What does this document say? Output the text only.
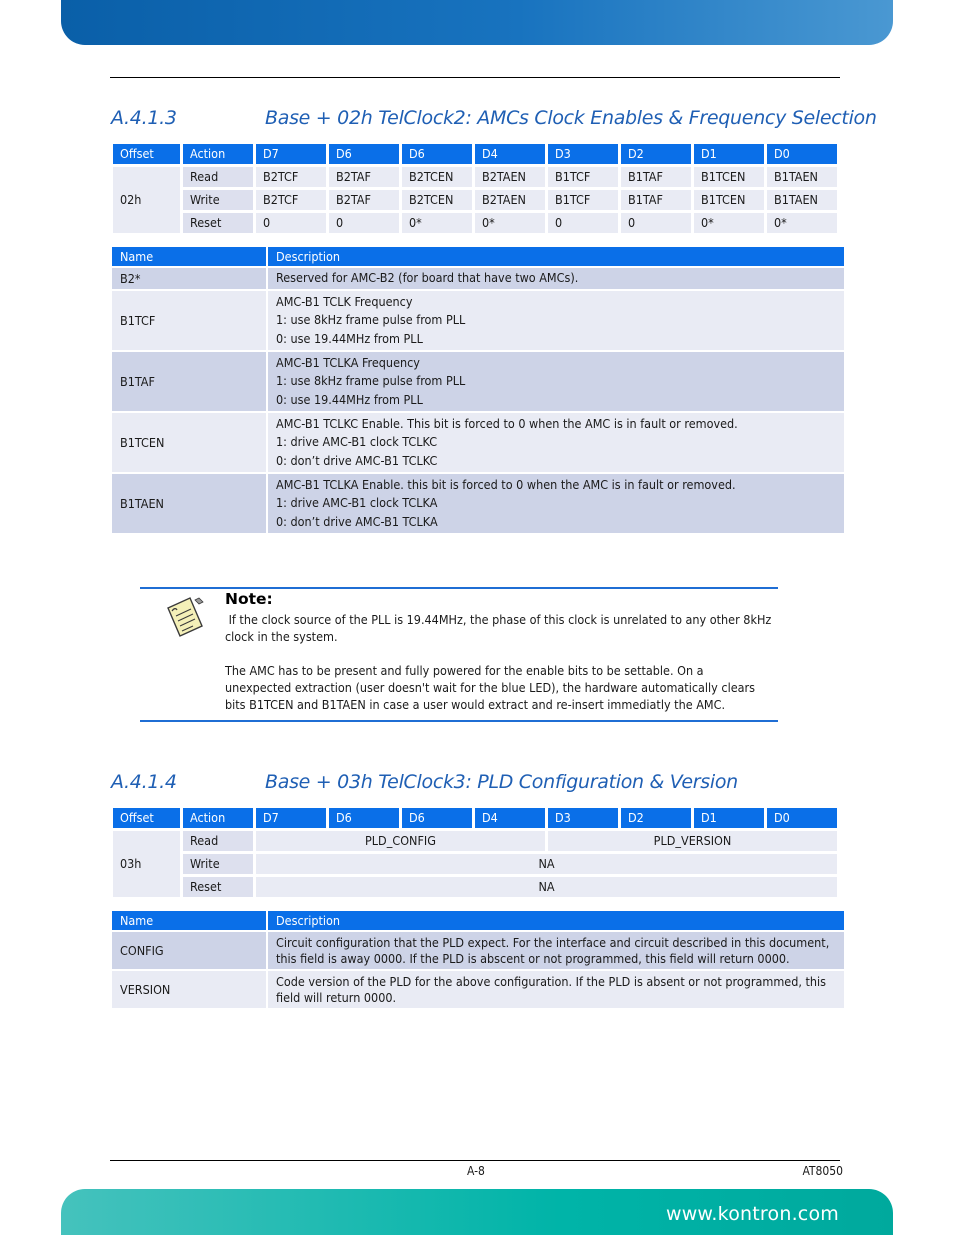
A.4.1.3	Base + 02h TelClock2: AMCs Clock Enables & Frequency Selection
Offset	Action	D7	D6	D6	D4	D3	D2	D1	D0
02h	Read	B2TCF	B2TAF	B2TCEN	B2TAEN	B1TCF	B1TAF	B1TCEN	B1TAEN
	Write	B2TCF	B2TAF	B2TCEN	B2TAEN	B1TCF	B1TAF	B1TCEN	B1TAEN
	Reset	0	0	0*	0*	0	0	0*	0*
Name	Description
B2*	Reserved for AMC-B2 (for board that have two AMCs).

B1TCF	AMC-B1 TCLK Frequency
1: use 8kHz frame pulse from PLL
0: use 19.44MHz from PLL

B1TAF	AMC-B1 TCLKA Frequency
1: use 8kHz frame pulse from PLL
0: use 19.44MHz from PLL

B1TCEN	AMC-B1 TCLKC Enable. This bit is forced to 0 when the AMC is in fault or removed.
1: drive AMC-B1 clock TCLKC
0: don’t drive AMC-B1 TCLKC

B1TAEN	AMC-B1 TCLKA Enable. this bit is forced to 0 when the AMC is in fault or removed.
1: drive AMC-B1 clock TCLKA
0: don’t drive AMC-B1 TCLKA
Note:
If the clock source of the PLL is 19.44MHz, the phase of this clock is unrelated to any other 8kHz clock in the system.
The AMC has to be present and fully powered for the enable bits to be settable. On a unexpected extraction (user doesn't wait for the blue LED), the hardware automatically clears bits B1TCEN and B1TAEN in case a user would extract and re-insert immediatly the AMC.
A.4.1.4	Base + 03h TelClock3: PLD Configuration & Version
Offset	Action	D7	D6	D6	D4	D3	D2	D1	D0
03h	Read	PLD_CONFIG				PLD_VERSION			
	Write	NA							
	Reset	NA							
Name	Description
CONFIG	Circuit configuration that the PLD expect. For the interface and circuit described in this document, this field is away 0000. If the PLD is abscent or not programmed, this field will return 0000.

VERSION	Code version of the PLD for the above configuration. If the PLD is absent or not programmed, this field will return 0000.
A-8	AT8050
www.kontron.com
